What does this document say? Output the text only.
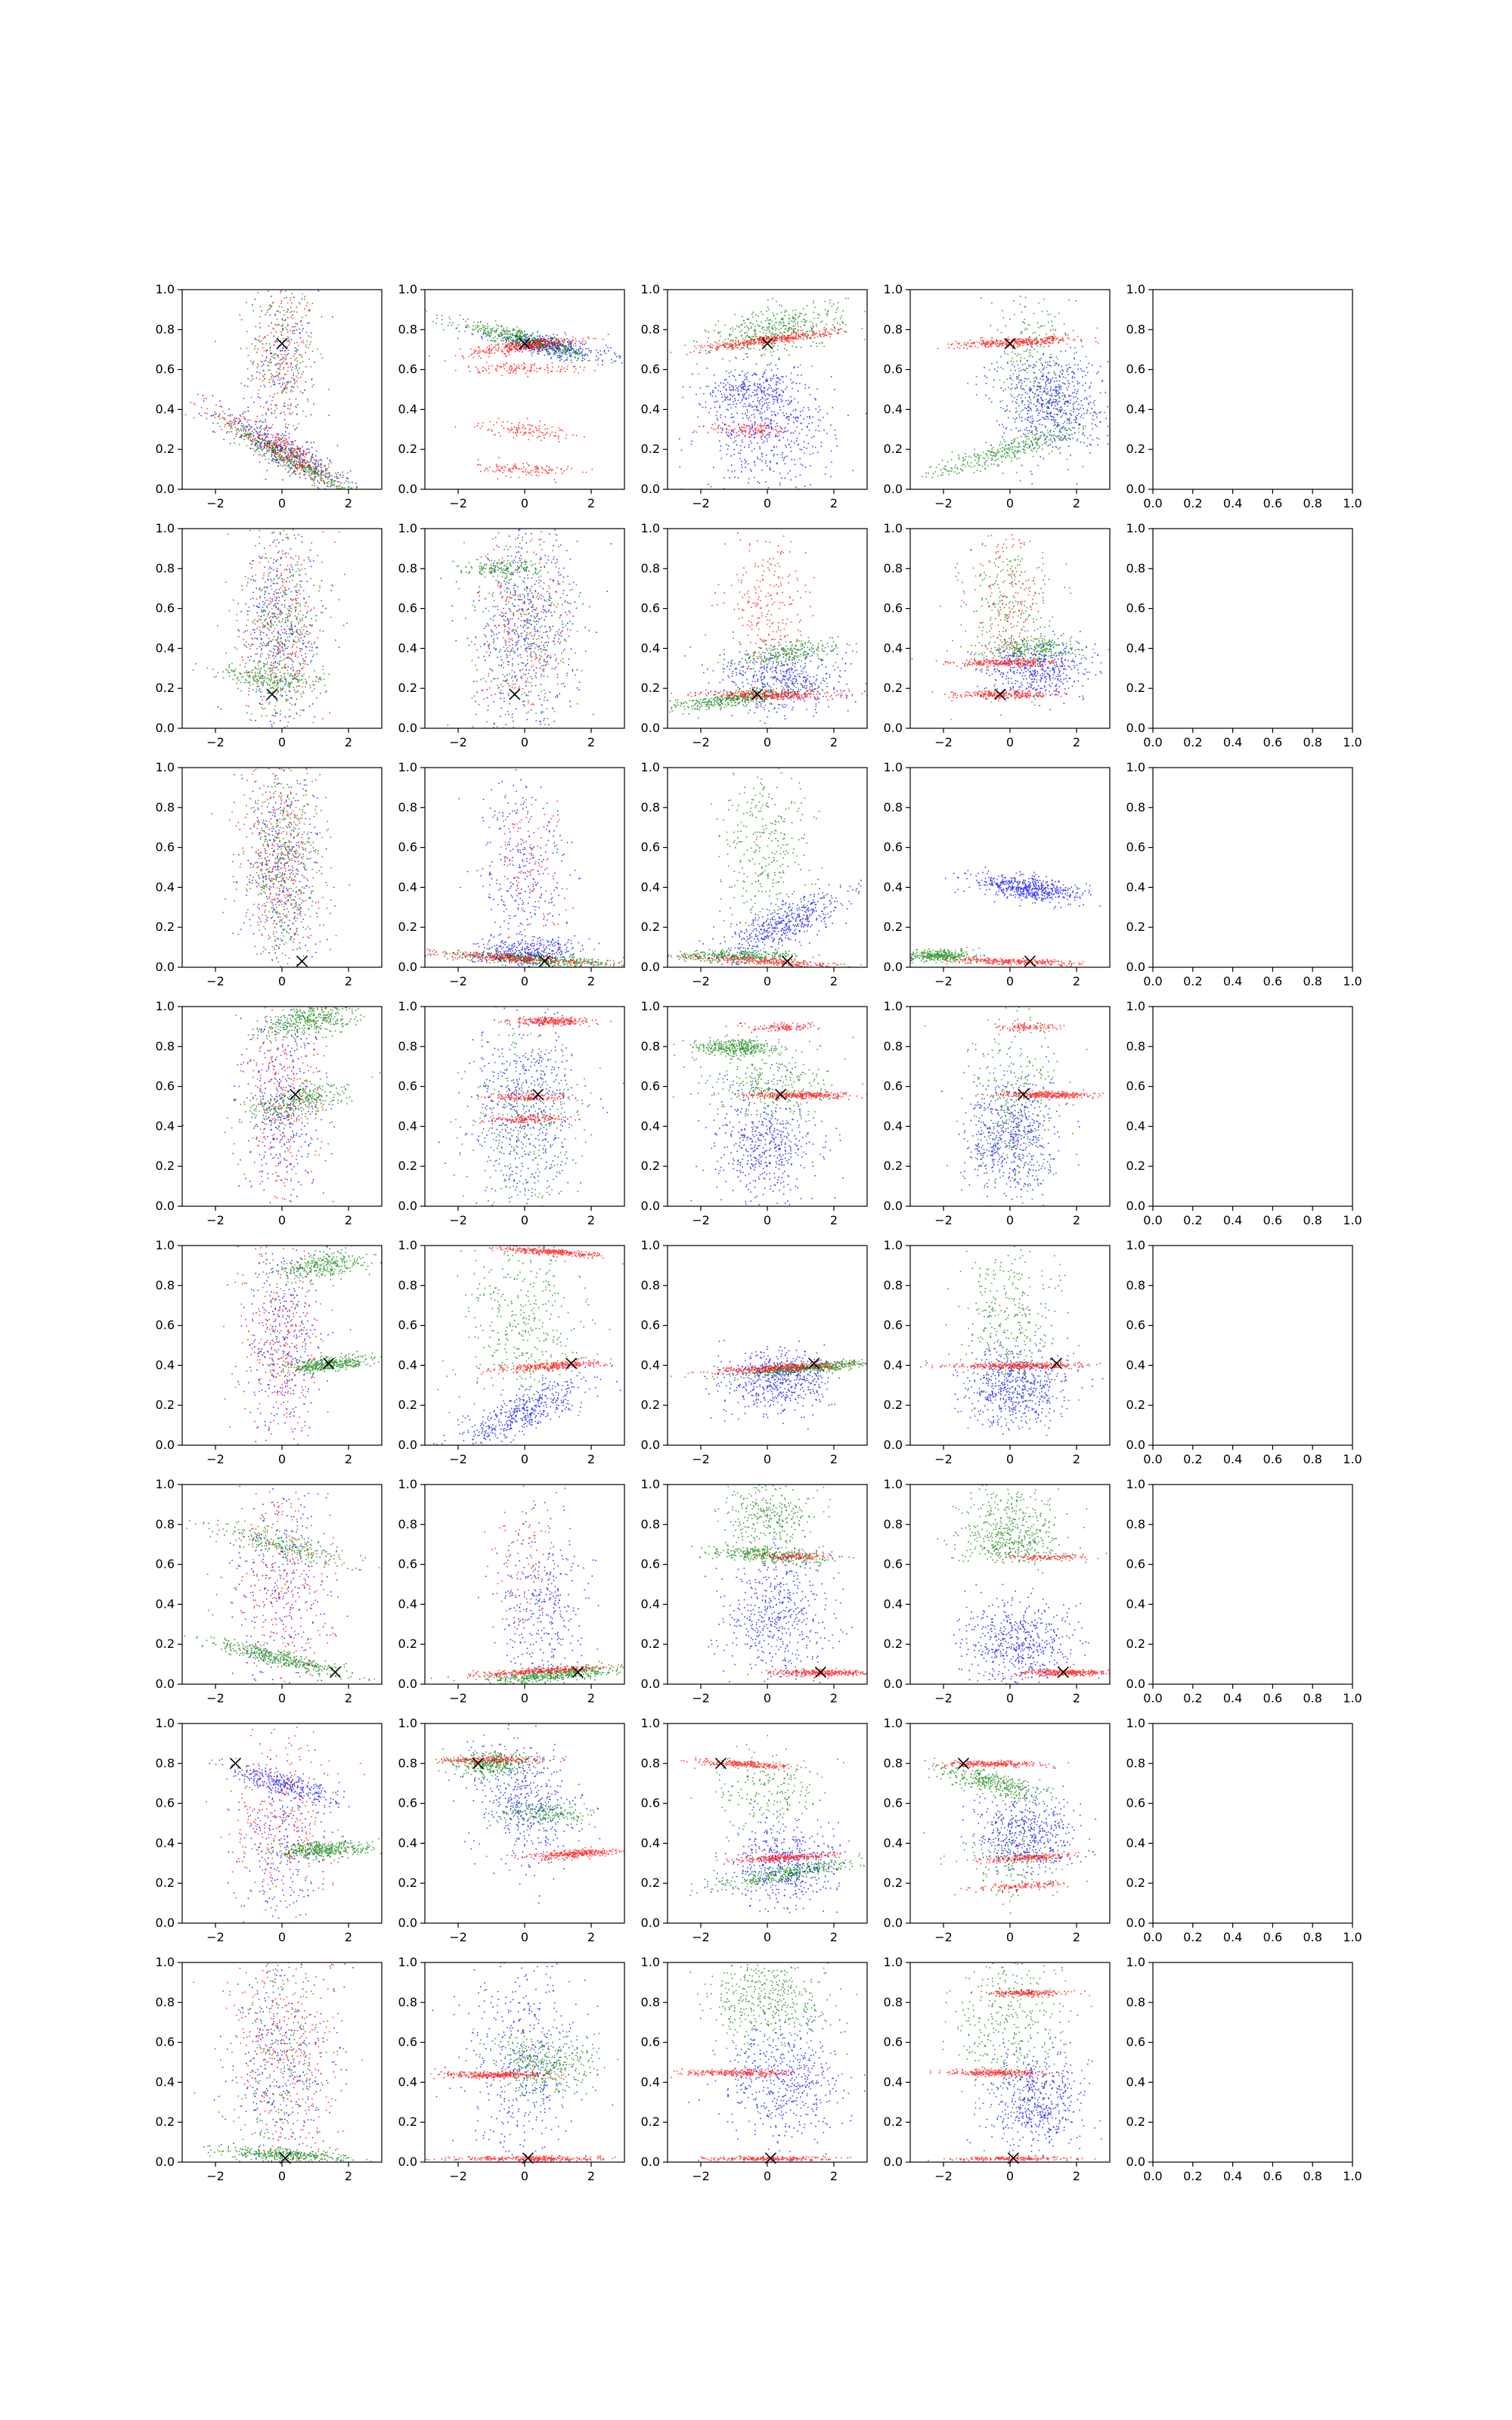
0.0
0.2
0.4
0.6
0.8
1.0
−2	0	2
0.0
0.2
0.4
0.6
0.8
1.0
−2	0	2
0.0
0.2
0.4
0.6
0.8
1.0
−2	0	2
0.0
0.2
0.4
0.6
0.8
1.0
−2	0	2
0.0
0.2
0.4
0.6
0.8
1.0
0.0 0.2 0.4 0.6 0.8 1.0
0.0
0.2
0.4
0.6
0.8
1.0
−2	0	2
0.0
0.2
0.4
0.6
0.8
1.0
−2	0	2
0.0
0.2
0.4
0.6
0.8
1.0
−2	0	2
0.0
0.2
0.4
0.6
0.8
1.0
−2	0	2
0.0
0.2
0.4
0.6
0.8
1.0
0.0 0.2 0.4 0.6 0.8 1.0
0.0
0.2
0.4
0.6
0.8
1.0
−2	0	2
0.0
0.2
0.4
0.6
0.8
1.0
−2	0	2
0.0
0.2
0.4
0.6
0.8
1.0
−2	0	2
0.0
0.2
0.4
0.6
0.8
1.0
−2	0	2
0.0
0.2
0.4
0.6
0.8
1.0
0.0 0.2 0.4 0.6 0.8 1.0
0.0
0.2
0.4
0.6
0.8
1.0
−2	0	2
0.0
0.2
0.4
0.6
0.8
1.0
−2	0	2
0.0
0.2
0.4
0.6
0.8
1.0
−2	0	2
0.0
0.2
0.4
0.6
0.8
1.0
−2	0	2
0.0
0.2
0.4
0.6
0.8
1.0
0.0 0.2 0.4 0.6 0.8 1.0
0.0
0.2
0.4
0.6
0.8
1.0
−2	0	2
0.0
0.2
0.4
0.6
0.8
1.0
−2	0	2
0.0
0.2
0.4
0.6
0.8
1.0
−2	0	2
0.0
0.2
0.4
0.6
0.8
1.0
−2	0	2
0.0
0.2
0.4
0.6
0.8
1.0
0.0 0.2 0.4 0.6 0.8 1.0
0.0
0.2
0.4
0.6
0.8
1.0
−2	0	2
0.0
0.2
0.4
0.6
0.8
1.0
−2	0	2
0.0
0.2
0.4
0.6
0.8
1.0
−2	0	2
0.0
0.2
0.4
0.6
0.8
1.0
−2	0	2
0.0
0.2
0.4
0.6
0.8
1.0
0.0 0.2 0.4 0.6 0.8 1.0
0.0
0.2
0.4
0.6
0.8
1.0
−2	0	2
0.0
0.2
0.4
0.6
0.8
1.0
−2	0	2
0.0
0.2
0.4
0.6
0.8
1.0
−2	0	2
0.0
0.2
0.4
0.6
0.8
1.0
−2	0	2
0.0
0.2
0.4
0.6
0.8
1.0
0.0 0.2 0.4 0.6 0.8 1.0
0.0
0.2
0.4
0.6
0.8
1.0
−2	0	2
0.0
0.2
0.4
0.6
0.8
1.0
−2	0	2
0.0
0.2
0.4
0.6
0.8
1.0
−2	0	2
0.0
0.2
0.4
0.6
0.8
1.0
−2	0	2
0.0
0.2
0.4
0.6
0.8
1.0
0.0 0.2 0.4 0.6 0.8 1.0
